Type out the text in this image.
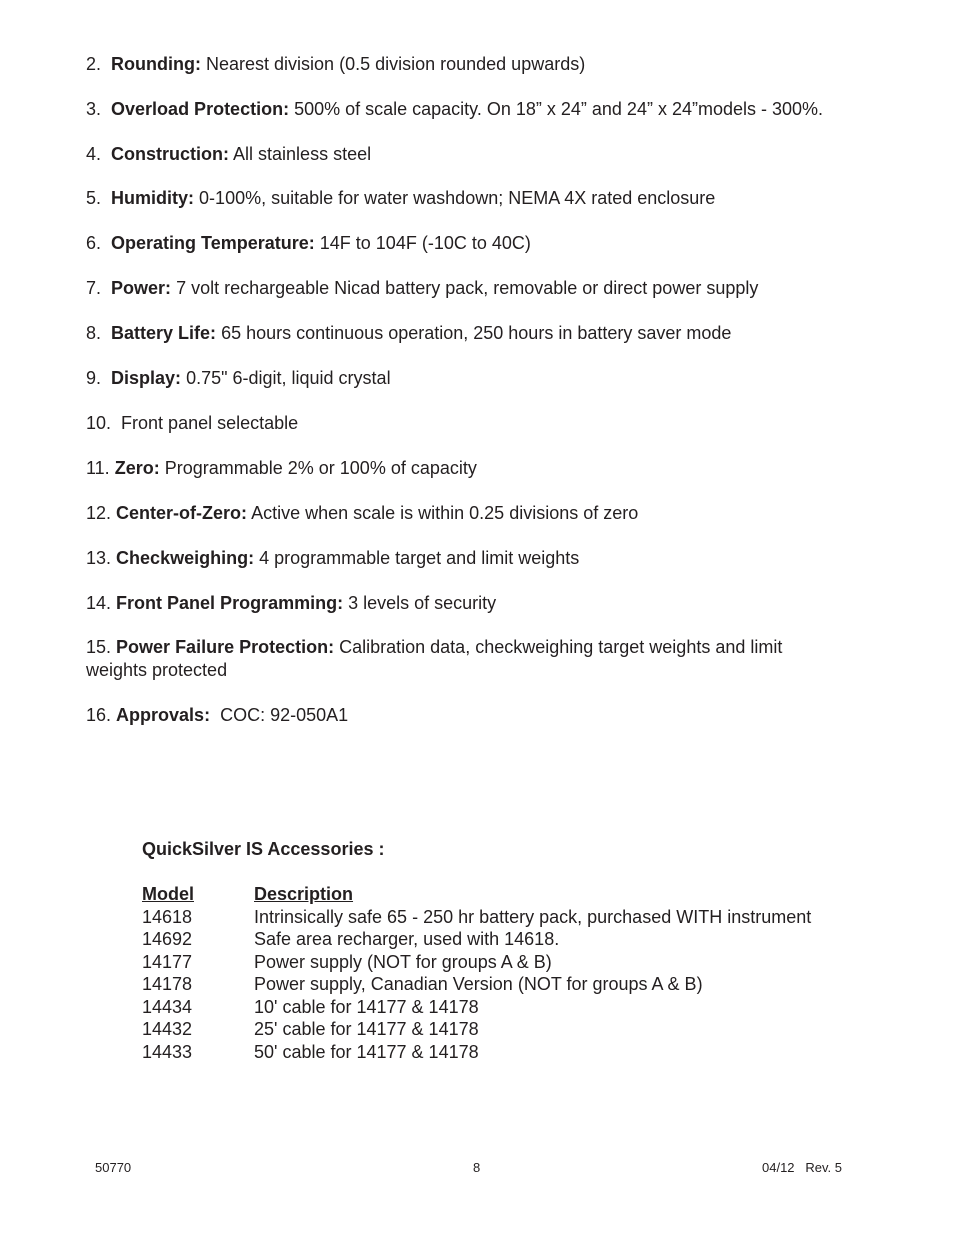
2. Rounding: Nearest division (0.5 division rounded upwards)
3. Overload Protection: 500% of scale capacity. On 18” x 24” and 24” x 24”models - 300%.
4. Construction: All stainless steel
5. Humidity: 0-100%, suitable for water washdown; NEMA 4X rated enclosure
6. Operating Temperature: 14F to 104F (-10C to 40C)
7. Power: 7 volt rechargeable Nicad battery pack, removable or direct power supply
8. Battery Life: 65 hours continuous operation, 250 hours in battery saver mode
9. Display: 0.75" 6-digit, liquid crystal
10. Front panel selectable
11. Zero: Programmable 2% or 100% of capacity
12. Center-of-Zero: Active when scale is within 0.25 divisions of zero
13. Checkweighing: 4 programmable target and limit weights
14. Front Panel Programming: 3 levels of security
15. Power Failure Protection: Calibration data, checkweighing target weights and limit weights protected
16. Approvals: COC: 92-050A1
QuickSilver IS Accessories :
Model	Description
14618	Intrinsically safe 65 - 250 hr battery pack, purchased WITH instrument
14692	Safe area recharger, used with 14618.
14177	Power supply (NOT for groups A & B)
14178	Power supply, Canadian Version (NOT for groups A & B)
14434	10' cable for 14177 & 14178
14432	25' cable for 14177 & 14178
14433	50' cable for 14177 & 14178
50770	8	04/12   Rev. 5
